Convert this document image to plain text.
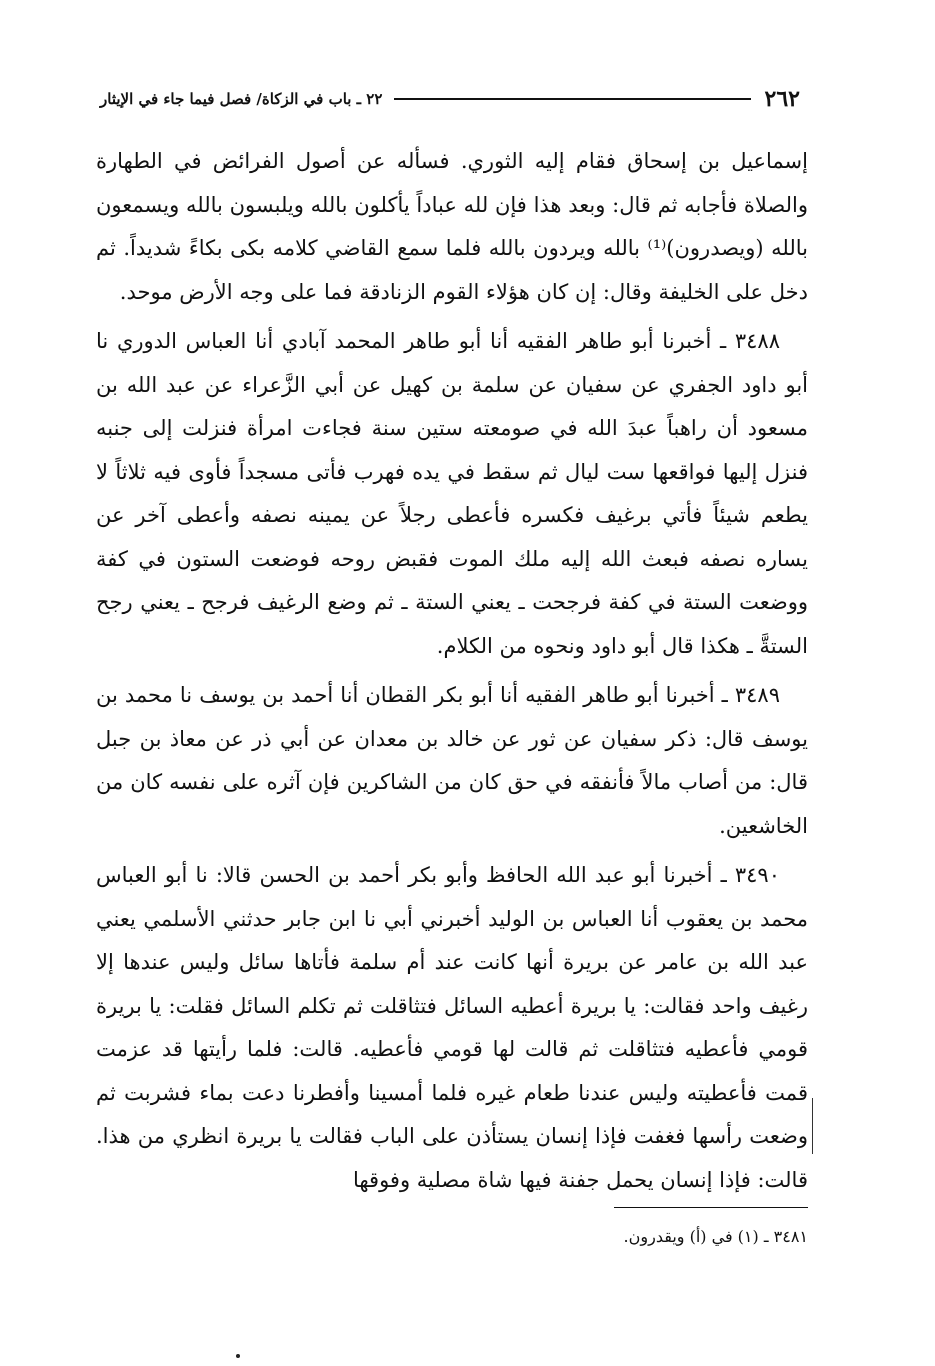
٢٦٢
٢٢ ـ باب في الزكاة/ فصل فيما جاء في الإيثار

إسماعيل بن إسحاق فقام إليه الثوري. فسأله عن أصول الفرائض في الطهارة والصلاة فأجابه ثم قال: وبعد هذا فإن لله عباداً يأكلون بالله ويلبسون بالله ويسمعون بالله (ويصدرون)⁽¹⁾ بالله ويردون بالله فلما سمع القاضي كلامه بكى بكاءً شديداً. ثم دخل على الخليفة وقال: إن كان هؤلاء القوم الزنادقة فما على وجه الأرض موحد.

٣٤٨٨ ـ أخبرنا أبو طاهر الفقيه أنا أبو طاهر المحمد آبادي أنا العباس الدوري نا أبو داود الجفري عن سفيان عن سلمة بن كهيل عن أبي الزَّعراء عن عبد الله بن مسعود أن راهباً عبدَ الله في صومعته ستين سنة فجاءت امرأة فنزلت إلى جنبه فنزل إليها فواقعها ست ليال ثم سقط في يده فهرب فأتى مسجداً فأوى فيه ثلاثاً لا يطعم شيئاً فأتي برغيف فكسره فأعطى رجلاً عن يمينه نصفه وأعطى آخر عن يساره نصفه فبعث الله إليه ملك الموت فقبض روحه فوضعت الستون في كفة ووضعت الستة في كفة فرجحت ـ يعني الستة ـ ثم وضع الرغيف فرجح ـ يعني رجح الستةَّ ـ هكذا قال أبو داود ونحوه من الكلام.

٣٤٨٩ ـ أخبرنا أبو طاهر الفقيه أنا أبو بكر القطان أنا أحمد بن يوسف نا محمد بن يوسف قال: ذكر سفيان عن ثور عن خالد بن معدان عن أبي ذر عن معاذ بن جبل قال: من أصاب مالاً فأنفقه في حق كان من الشاكرين فإن آثره على نفسه كان من الخاشعين.

٣٤٩٠ ـ أخبرنا أبو عبد الله الحافظ وأبو بكر أحمد بن الحسن قالا: نا أبو العباس محمد بن يعقوب أنا العباس بن الوليد أخبرني أبي نا ابن جابر حدثني الأسلمي يعني عبد الله بن عامر عن بريرة أنها كانت عند أم سلمة فأتاها سائل وليس عندها إلا رغيف واحد فقالت: يا بريرة أعطيه السائل فتثاقلت ثم تكلم السائل فقلت: يا بريرة قومي فأعطيه فتثاقلت ثم قالت لها قومي فأعطيه. قالت: فلما رأيتها قد عزمت قمت فأعطيته وليس عندنا طعام غيره فلما أمسينا وأفطرنا دعت بماء فشربت ثم وضعت رأسها فغفت فإذا إنسان يستأذن على الباب فقالت يا بريرة انظري من هذا. قالت: فإذا إنسان يحمل جفنة فيها شاة مصلية وفوقها

٣٤٨١ ـ (١) في (أ) ويقدرون.
